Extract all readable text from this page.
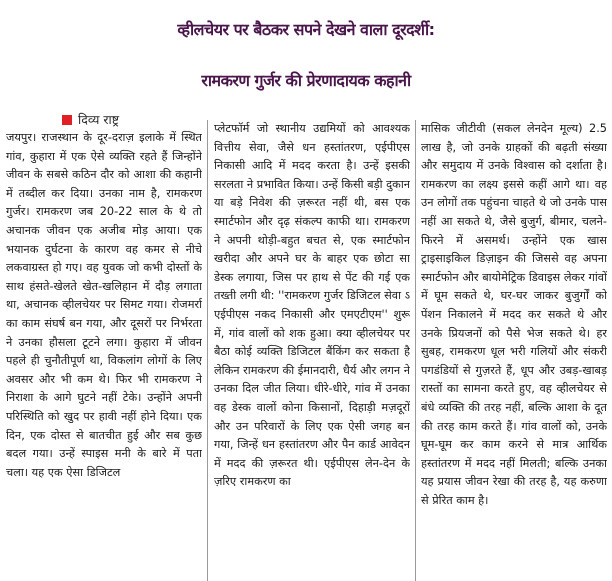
व्हीलचेयर पर बैठकर सपने देखने वाला दूरदर्शी:
रामकरण गुर्जर की प्रेरणादायक कहानी
दिव्य राष्ट्र

जयपुर। राजस्थान के दूर-दराज़ इलाके में स्थित गांव, कुहारा में एक ऐसे व्यक्ति रहते हैं जिन्होंने जीवन के सबसे कठिन दौर को आशा की कहानी में तब्दील कर दिया। उनका नाम है, रामकरण गुर्जर। रामकरण जब 20-22 साल के थे तो अचानक जीवन एक अजीब मोड़ आया। एक भयानक दुर्घटना के कारण वह कमर से नीचे लकवाग्रस्त हो गए। वह युवक जो कभी दोस्तों के साथ हंसते-खेलते खेत-खलिहान में दौड़ लगाता था, अचानक व्हीलचेयर पर सिमट गया। रोजमर्रा का काम संघर्ष बन गया, और दूसरों पर निर्भरता ने उनका हौसला टूटने लगा। कुहारा में जीवन पहले ही चुनौतीपूर्ण था, विकलांग लोगों के लिए अवसर और भी कम थे। फिर भी रामकरण ने निराशा के आगे घुटने नहीं टेके। उन्होंने अपनी परिस्थिति को खुद पर हावी नहीं होने दिया। एक दिन, एक दोस्त से बातचीत हुई और सब कुछ बदल गया। उन्हें स्पाइस मनी के बारे में पता चला। यह एक ऐसा डिजिटल

प्लेटफॉर्म जो स्थानीय उद्यमियों को आवश्यक वित्तीय सेवा, जैसे धन हस्तांतरण, एईपीएस निकासी आदि में मदद करता है। उन्हें इसकी सरलता ने प्रभावित किया। उन्हें किसी बड़ी दुकान या बड़े निवेश की ज़रूरत नहीं थी, बस एक स्मार्टफोन और दृढ़ संकल्प काफी था। रामकरण ने अपनी थोड़ी-बहुत बचत से, एक स्मार्टफोन खरीदा और अपने घर के बाहर एक छोटा सा डेस्क लगाया, जिस पर हाथ से पेंट की गई एक तख्ती लगी थी: ''रामकरण गुर्जर डिजिटल सेवा ऽ एईपीएस नकद निकासी और एमएटीएम'' शुरू में, गांव वालों को शक हुआ। क्या व्हीलचेयर पर बैठा कोई व्यक्ति डिजिटल बैंकिंग कर सकता है लेकिन रामकरण की ईमानदारी, धैर्य और लगन ने उनका दिल जीत लिया। धीरे-धीरे, गांव में उनका वह डेस्क वालों कोना किसानों, दिहाड़ी मज़दूरों और उन परिवारों के लिए एक ऐसी जगह बन गया, जिन्हें धन हस्तांतरण और पैन कार्ड आवेदन में मदद की ज़रूरत थी। एईपीएस लेन-देन के ज़रिए रामकरण का

मासिक जीटीवी (सकल लेनदेन मूल्य) 2.5 लाख है, जो उनके ग्राहकों की बढ़ती संख्या और समुदाय में उनके विश्वास को दर्शाता है। रामकरण का लक्ष्य इससे कहीं आगे था। वह उन लोगों तक पहुंचना चाहते थे जो उनके पास नहीं आ सकते थे, जैसे बुजुर्ग, बीमार, चलने-फिरने में असमर्थ। उन्होंने एक खास ट्राइसाइकिल डिज़ाइन की जिससे वह अपना स्मार्टफोन और बायोमेट्रिक डिवाइस लेकर गांवों में घूम सकते थे, घर-घर जाकर बुजुर्गों को पेंशन निकालने में मदद कर सकते थे और उनके प्रियजनों को पैसे भेज सकते थे। हर सुबह, रामकरण धूल भरी गलियों और संकरी पगडंडियों से गुज़रते हैं, धूप और उबड़-खाबड़ रास्तों का सामना करते हुए, वह व्हीलचेयर से बंधे व्यक्ति की तरह नहीं, बल्कि आशा के दूत की तरह काम करते हैं। गांव वालों को, उनके घूम-घूम कर काम करने से मात्र आर्थिक हस्तांतरण में मदद नहीं मिलती; बल्कि उनका यह प्रयास जीवन रेखा की तरह है, यह करुणा से प्रेरित काम है।
